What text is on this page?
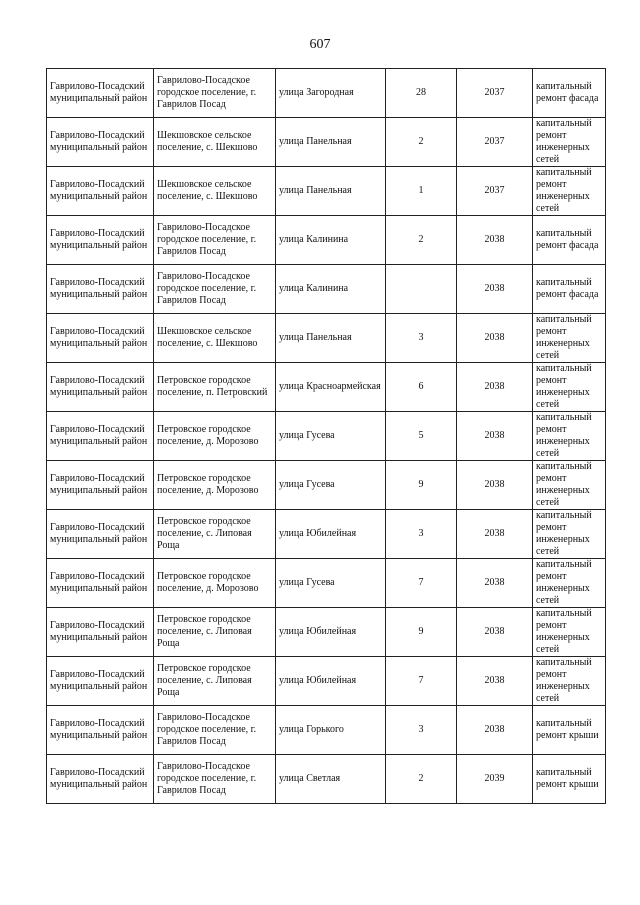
607
Гаврилово-Посадский муниципальный район	Гаврилово-Посадское городское поселение, г. Гаврилов Посад	улица Загородная	28	2037	капитальный ремонт фасада
Гаврилово-Посадский муниципальный район	Шекшовское сельское поселение, с. Шекшово	улица Панельная	2	2037	капитальный ремонт инженерных сетей
Гаврилово-Посадский муниципальный район	Шекшовское сельское поселение, с. Шекшово	улица Панельная	1	2037	капитальный ремонт инженерных сетей
Гаврилово-Посадский муниципальный район	Гаврилово-Посадское городское поселение, г. Гаврилов Посад	улица Калинина	2	2038	капитальный ремонт фасада
Гаврилово-Посадский муниципальный район	Гаврилово-Посадское городское поселение, г. Гаврилов Посад	улица Калинина		2038	капитальный ремонт фасада
Гаврилово-Посадский муниципальный район	Шекшовское сельское поселение, с. Шекшово	улица Панельная	3	2038	капитальный ремонт инженерных сетей
Гаврилово-Посадский муниципальный район	Петровское городское поселение, п. Петровский	улица Красноармейская	6	2038	капитальный ремонт инженерных сетей
Гаврилово-Посадский муниципальный район	Петровское городское поселение, д. Морозово	улица Гусева	5	2038	капитальный ремонт инженерных сетей
Гаврилово-Посадский муниципальный район	Петровское городское поселение, д. Морозово	улица Гусева	9	2038	капитальный ремонт инженерных сетей
Гаврилово-Посадский муниципальный район	Петровское городское поселение, с. Липовая Роща	улица Юбилейная	3	2038	капитальный ремонт инженерных сетей
Гаврилово-Посадский муниципальный район	Петровское городское поселение, д. Морозово	улица Гусева	7	2038	капитальный ремонт инженерных сетей
Гаврилово-Посадский муниципальный район	Петровское городское поселение, с. Липовая Роща	улица Юбилейная	9	2038	капитальный ремонт инженерных сетей
Гаврилово-Посадский муниципальный район	Петровское городское поселение, с. Липовая Роща	улица Юбилейная	7	2038	капитальный ремонт инженерных сетей
Гаврилово-Посадский муниципальный район	Гаврилово-Посадское городское поселение, г. Гаврилов Посад	улица Горького	3	2038	капитальный ремонт крыши
Гаврилово-Посадский муниципальный район	Гаврилово-Посадское городское поселение, г. Гаврилов Посад	улица Светлая	2	2039	капитальный ремонт крыши
